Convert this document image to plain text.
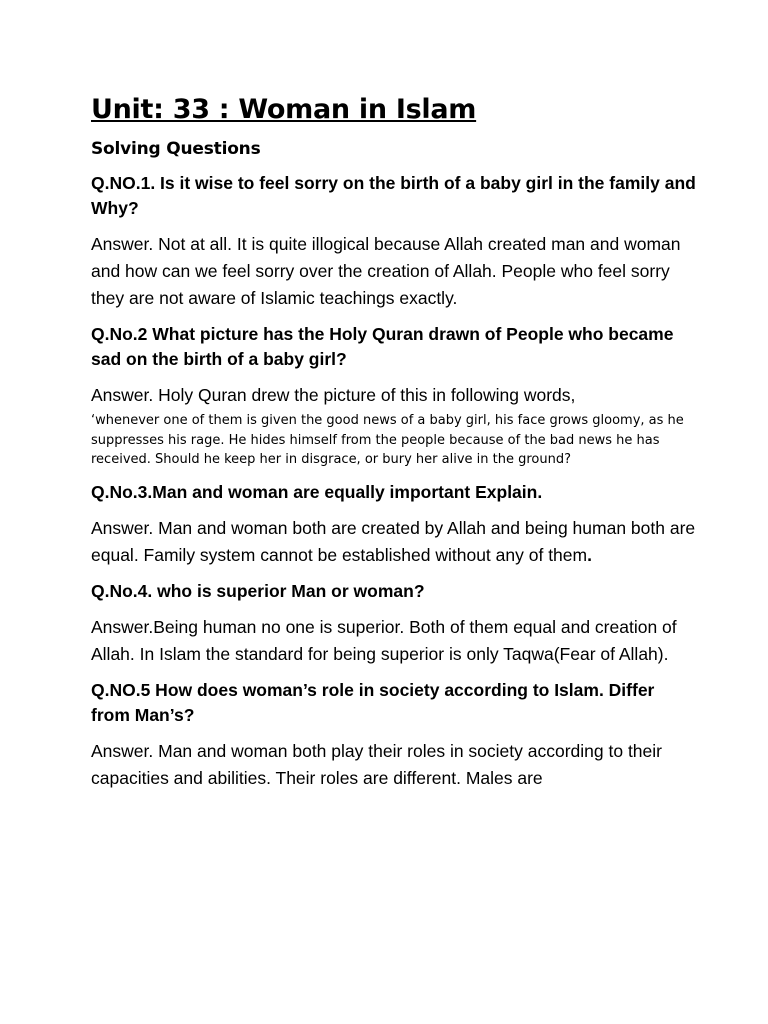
Unit: 33 : Woman in Islam
Solving Questions

Q.NO.1. Is it wise to feel sorry on the birth of a baby girl in the family and Why?

Answer. Not at all. It is quite illogical because Allah created man and woman and how can we feel sorry over the creation of Allah. People who feel sorry they are not aware of Islamic teachings exactly.

Q.No.2 What picture has the Holy Quran drawn of People who became sad on the birth of a baby girl?

Answer. Holy Quran drew the picture of this in following words,

‘whenever one of them is given the good news of a baby girl, his face grows gloomy, as he suppresses his rage. He hides himself from the people because of the bad news he has received. Should he keep her in disgrace, or bury her alive in the ground?

Q.No.3.Man and woman are equally important Explain.

Answer. Man and woman both are created by Allah and being human both are equal. Family system cannot be established without any of them.

Q.No.4. who is superior Man or woman?

Answer.Being human no one is superior. Both of them equal and creation of Allah. In Islam the standard for being superior is only Taqwa(Fear of Allah).

Q.NO.5 How does woman’s role in society according to Islam. Differ from Man’s?

Answer. Man and woman both play their roles in society according to their capacities and abilities. Their roles are different. Males are
